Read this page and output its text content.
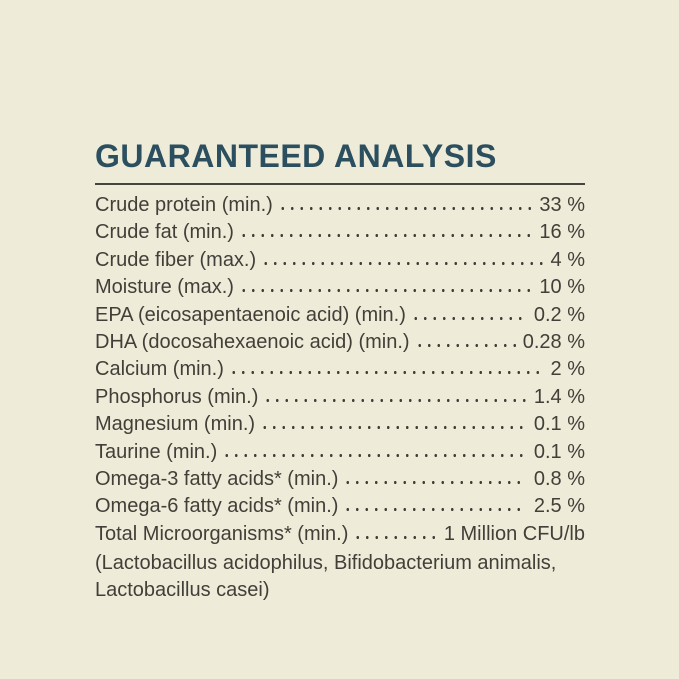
GUARANTEED ANALYSIS
Crude protein (min.)	33 %
Crude fat (min.)	16 %
Crude fiber (max.)	4 %
Moisture (max.)	10 %
EPA (eicosapentaenoic acid) (min.)	0.2 %
DHA (docosahexaenoic acid) (min.)	0.28 %
Calcium (min.)	2 %
Phosphorus (min.)	1.4 %
Magnesium (min.)	0.1 %
Taurine (min.)	0.1 %
Omega-3 fatty acids* (min.)	0.8 %
Omega-6 fatty acids* (min.)	2.5 %
Total Microorganisms* (min.)	1 Million CFU/lb

(Lactobacillus acidophilus, Bifidobacterium animalis, Lactobacillus casei)
